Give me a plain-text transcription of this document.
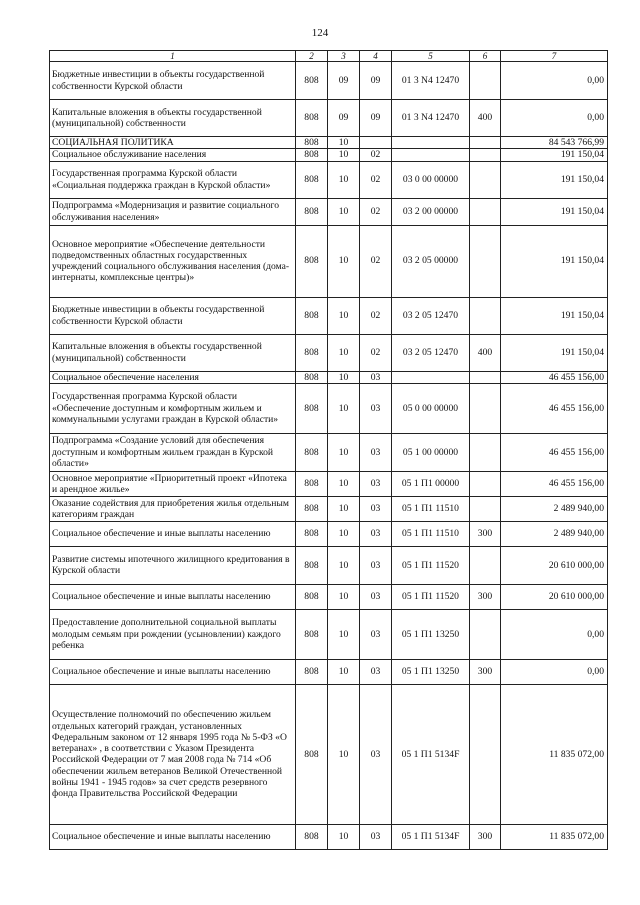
124
1	2	3	4	5	6	7
Бюджетные инвестиции в объекты государственной собственности Курской области	808	09	09	01 3 N4 12470		0,00
Капитальные вложения в объекты государственной (муниципальной) собственности	808	09	09	01 3 N4 12470	400	0,00
СОЦИАЛЬНАЯ ПОЛИТИКА	808	10				84 543 766,99
Социальное обслуживание населения	808	10	02			191 150,04
Государственная программа Курской области «Социальная поддержка граждан в Курской области»	808	10	02	03 0 00 00000		191 150,04
Подпрограмма «Модернизация и развитие социального обслуживания населения»	808	10	02	03 2 00 00000		191 150,04
Основное мероприятие «Обеспечение деятельности подведомственных областных государственных учреждений социального обслуживания населения (дома-интернаты, комплексные центры)»	808	10	02	03 2 05 00000		191 150,04
Бюджетные инвестиции в объекты государственной собственности Курской области	808	10	02	03 2 05 12470		191 150,04
Капитальные вложения в объекты государственной (муниципальной) собственности	808	10	02	03 2 05 12470	400	191 150,04
Социальное обеспечение населения	808	10	03			46 455 156,00
Государственная программа Курской области «Обеспечение доступным и комфортным жильем и коммунальными услугами граждан в Курской области»	808	10	03	05 0 00 00000		46 455 156,00
Подпрограмма «Создание условий для обеспечения доступным и комфортным жильем граждан в Курской области»	808	10	03	05 1 00 00000		46 455 156,00
Основное мероприятие «Приоритетный проект «Ипотека и арендное жилье»	808	10	03	05 1 П1 00000		46 455 156,00
Оказание содействия для приобретения жилья отдельным категориям граждан	808	10	03	05 1 П1 11510		2 489 940,00
Социальное обеспечение и иные выплаты населению	808	10	03	05 1 П1 11510	300	2 489 940,00
Развитие системы ипотечного жилищного кредитования в Курской области	808	10	03	05 1 П1 11520		20 610 000,00
Социальное обеспечение и иные выплаты населению	808	10	03	05 1 П1 11520	300	20 610 000,00
Предоставление дополнительной социальной выплаты молодым семьям при рождении (усыновлении) каждого ребенка	808	10	03	05 1 П1 13250		0,00
Социальное обеспечение и иные выплаты населению	808	10	03	05 1 П1 13250	300	0,00
Осуществление полномочий по обеспечению жильем отдельных категорий граждан, установленных Федеральным законом от 12 января 1995 года № 5-ФЗ «О ветеранах» , в соответствии с Указом Президента Российской Федерации от 7 мая 2008 года № 714 «Об обеспечении жильем ветеранов Великой Отечественной войны 1941 - 1945 годов» за счет средств резервного фонда Правительства Российской Федерации	808	10	03	05 1 П1 5134F		11 835 072,00
Социальное обеспечение и иные выплаты населению	808	10	03	05 1 П1 5134F	300	11 835 072,00
